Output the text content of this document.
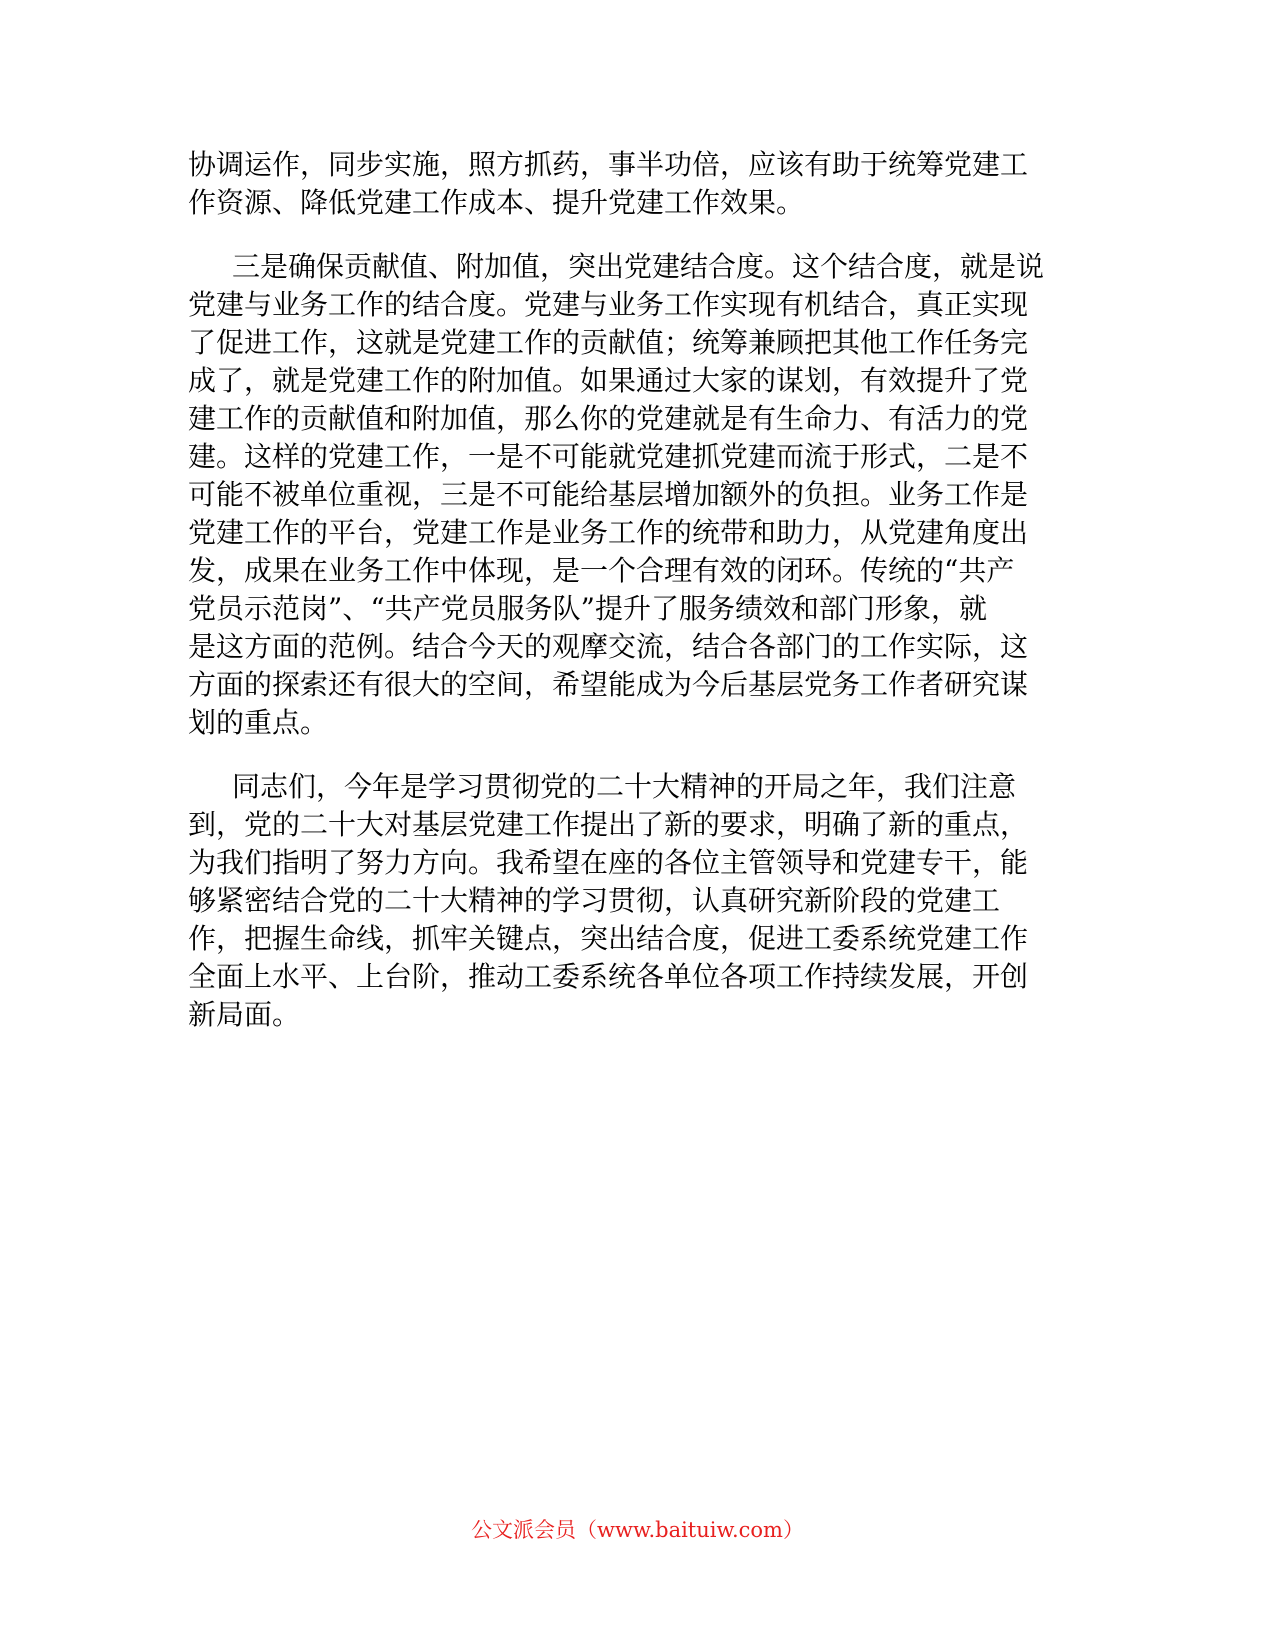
协调运作，同步实施，照方抓药，事半功倍，应该有助于统筹党建工
作资源、降低党建工作成本、提升党建工作效果。
三是确保贡献值、附加值，突出党建结合度。这个结合度，就是说
党建与业务工作的结合度。党建与业务工作实现有机结合，真正实现
了促进工作，这就是党建工作的贡献值；统筹兼顾把其他工作任务完
成了，就是党建工作的附加值。如果通过大家的谋划，有效提升了党
建工作的贡献值和附加值，那么你的党建就是有生命力、有活力的党
建。这样的党建工作，一是不可能就党建抓党建而流于形式，二是不
可能不被单位重视，三是不可能给基层增加额外的负担。业务工作是
党建工作的平台，党建工作是业务工作的统带和助力，从党建角度出
发，成果在业务工作中体现，是一个合理有效的闭环。传统的“共产
党员示范岗”、“共产党员服务队”提升了服务绩效和部门形象，就
是这方面的范例。结合今天的观摩交流，结合各部门的工作实际，这
方面的探索还有很大的空间，希望能成为今后基层党务工作者研究谋
划的重点。
同志们，今年是学习贯彻党的二十大精神的开局之年，我们注意
到，党的二十大对基层党建工作提出了新的要求，明确了新的重点，
为我们指明了努力方向。我希望在座的各位主管领导和党建专干，能
够紧密结合党的二十大精神的学习贯彻，认真研究新阶段的党建工
作，把握生命线，抓牢关键点，突出结合度，促进工委系统党建工作
全面上水平、上台阶，推动工委系统各单位各项工作持续发展，开创
新局面。
公文派会员（www.baituiw.com）
